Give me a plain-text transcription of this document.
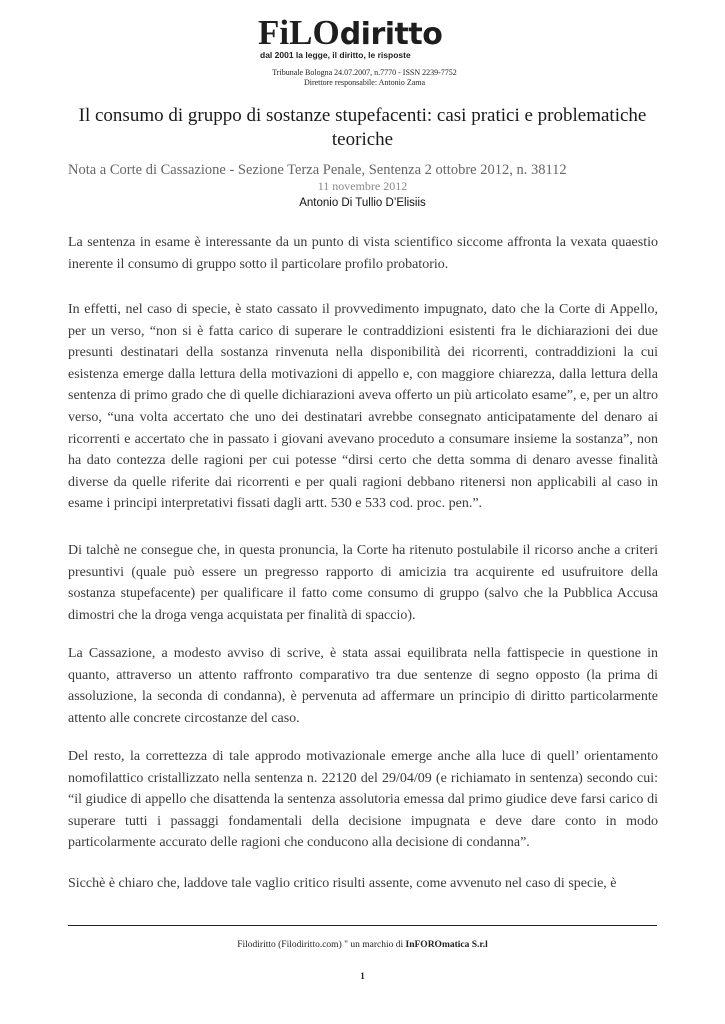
FiLOdiritto
dal 2001 la legge, il diritto, le risposte

Tribunale Bologna 24.07.2007, n.7770 - ISSN 2239-7752

Direttore responsabile: Antonio Zama

Il consumo di gruppo di sostanze stupefacenti: casi pratici e problematiche teoriche

Nota a Corte di Cassazione - Sezione Terza Penale, Sentenza 2 ottobre 2012, n. 38112

11 novembre 2012

Antonio Di Tullio D’Elisiis

La sentenza in esame è interessante da un punto di vista scientifico siccome affronta la vexata quaestio inerente il consumo di gruppo sotto il particolare profilo probatorio.

In effetti, nel caso di specie, è stato cassato il provvedimento impugnato, dato che la Corte di Appello, per un verso, “non si è fatta carico di superare le contraddizioni esistenti fra le dichiarazioni dei due presunti destinatari della sostanza rinvenuta nella disponibilità dei ricorrenti, contraddizioni la cui esistenza emerge dalla lettura della motivazioni di appello e, con maggiore chiarezza, dalla lettura della sentenza di primo grado che di quelle dichiarazioni aveva offerto un più articolato esame”, e, per un altro verso, “una volta accertato che uno dei destinatari avrebbe consegnato anticipatamente del denaro ai ricorrenti e accertato che in passato i giovani avevano proceduto a consumare insieme la sostanza”, non ha dato contezza delle ragioni per cui potesse “dirsi certo che detta somma di denaro avesse finalità diverse da quelle riferite dai ricorrenti e per quali ragioni debbano ritenersi non applicabili al caso in esame i principi interpretativi fissati dagli artt. 530 e 533 cod. proc. pen.”.

Di talchè ne consegue che, in questa pronuncia, la Corte ha ritenuto postulabile il ricorso anche a criteri presuntivi (quale può essere un pregresso rapporto di amicizia tra acquirente ed usufruitore della sostanza stupefacente) per qualificare il fatto come consumo di gruppo (salvo che la Pubblica Accusa dimostri che la droga venga acquistata per finalità di spaccio).

La Cassazione, a modesto avviso di scrive, è stata assai equilibrata nella fattispecie in questione in quanto, attraverso un attento raffronto comparativo tra due sentenze di segno opposto (la prima di assoluzione, la seconda di condanna), è pervenuta ad affermare un principio di diritto particolarmente attento alle concrete circostanze del caso.

Del resto, la correttezza di tale approdo motivazionale emerge anche alla luce di quell’ orientamento nomofilattico cristallizzato nella sentenza n. 22120 del 29/04/09 (e richiamato in sentenza) secondo cui: “il giudice di appello che disattenda la sentenza assolutoria emessa dal primo giudice deve farsi carico di superare tutti i passaggi fondamentali della decisione impugnata e deve dare conto in modo particolarmente accurato delle ragioni che conducono alla decisione di condanna”.

Sicchè è chiaro che, laddove tale vaglio critico risulti assente, come avvenuto nel caso di specie, è

Filodiritto (Filodiritto.com) " un marchio di InFOROmatica S.r.l

1
